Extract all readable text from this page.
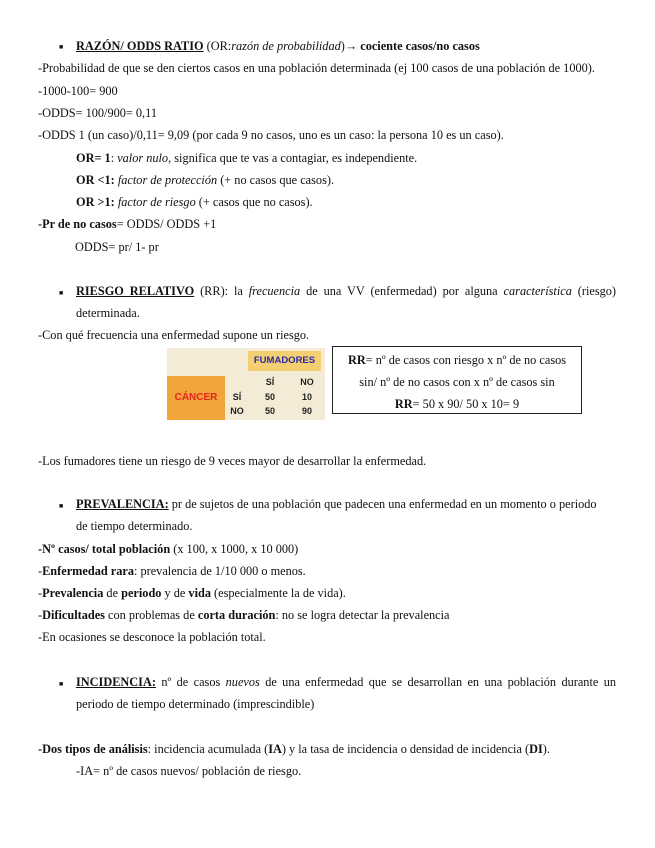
■ RAZÓN/ ODDS RATIO (OR:razón de probabilidad)→ cociente casos/no casos
-Probabilidad de que se den ciertos casos en una población determinada (ej 100 casos de una población de 1000).
-1000-100= 900
-ODDS= 100/900= 0,11
-ODDS 1 (un caso)/0,11= 9,09 (por cada 9 no casos, uno es un caso: la persona 10 es un caso).
OR= 1: valor nulo, significa que te vas a contagiar, es independiente.
OR <1: factor de protección (+ no casos que casos).
OR >1: factor de riesgo (+ casos que no casos).
-Pr de no casos= ODDS/ ODDS +1
ODDS= pr/ 1- pr
■ RIESGO RELATIVO (RR): la frecuencia de una VV (enfermedad) por alguna característica (riesgo)
determinada.
-Con qué frecuencia una enfermedad supone un riesgo.
FUMADORES
CÁNCER
SÍ	NO
SÍ	50	10
NO	50	90
RR= nº de casos con riesgo x nº de no casos
sin/ nº de no casos con x nº de casos sin
RR= 50 x 90/ 50 x 10= 9
-Los fumadores tiene un riesgo de 9 veces mayor de desarrollar la enfermedad.
■ PREVALENCIA: pr de sujetos de una población que padecen una enfermedad en un momento o periodo
de tiempo determinado.
-Nº casos/ total población (x 100, x 1000, x 10 000)
-Enfermedad rara: prevalencia de 1/10 000 o menos.
-Prevalencia de periodo y de vida (especialmente la de vida).
-Dificultades con problemas de corta duración: no se logra detectar la prevalencia
-En ocasiones se desconoce la población total.
■ INCIDENCIA: nº de casos nuevos de una enfermedad que se desarrollan en una población durante un
periodo de tiempo determinado (imprescindible)
-Dos tipos de análisis: incidencia acumulada (IA) y la tasa de incidencia o densidad de incidencia (DI).
-IA= nº de casos nuevos/ población de riesgo.
